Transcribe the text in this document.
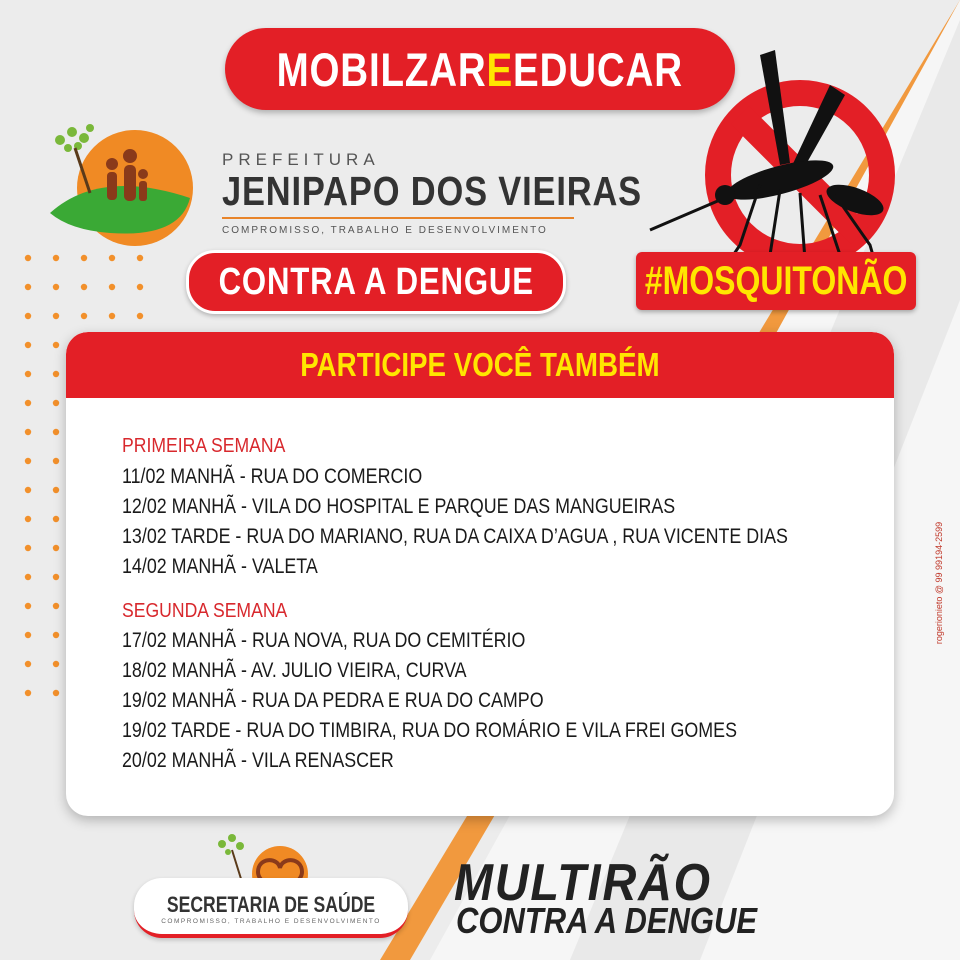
MOBILZAR E EDUCAR
PREFEITURA
JENIPAPO DOS VIEIRAS
COMPROMISSO, TRABALHO E DESENVOLVIMENTO
CONTRA A DENGUE	#MOSQUITO NÃO
PARTICIPE VOCÊ TAMBÉM
PRIMEIRA SEMANA
11/02 MANHÃ - RUA DO COMERCIO
12/02 MANHÃ - VILA DO HOSPITAL E PARQUE DAS MANGUEIRAS
13/02 TARDE - RUA DO MARIANO, RUA DA CAIXA D’AGUA , RUA VICENTE DIAS
14/02 MANHÃ - VALETA
SEGUNDA SEMANA
17/02 MANHÃ - RUA NOVA, RUA DO CEMITÉRIO
18/02 MANHÃ - AV. JULIO VIEIRA, CURVA
19/02 MANHÃ - RUA DA PEDRA E RUA DO CAMPO
19/02 TARDE - RUA DO TIMBIRA, RUA DO ROMÁRIO E VILA FREI GOMES
20/02 MANHÃ - VILA RENASCER
rogerionieto @ 99 99194-2599
SECRETARIA DE SAÚDE
COMPROMISSO, TRABALHO E DESENVOLVIMENTO
MULTIRÃO
CONTRA A DENGUE
